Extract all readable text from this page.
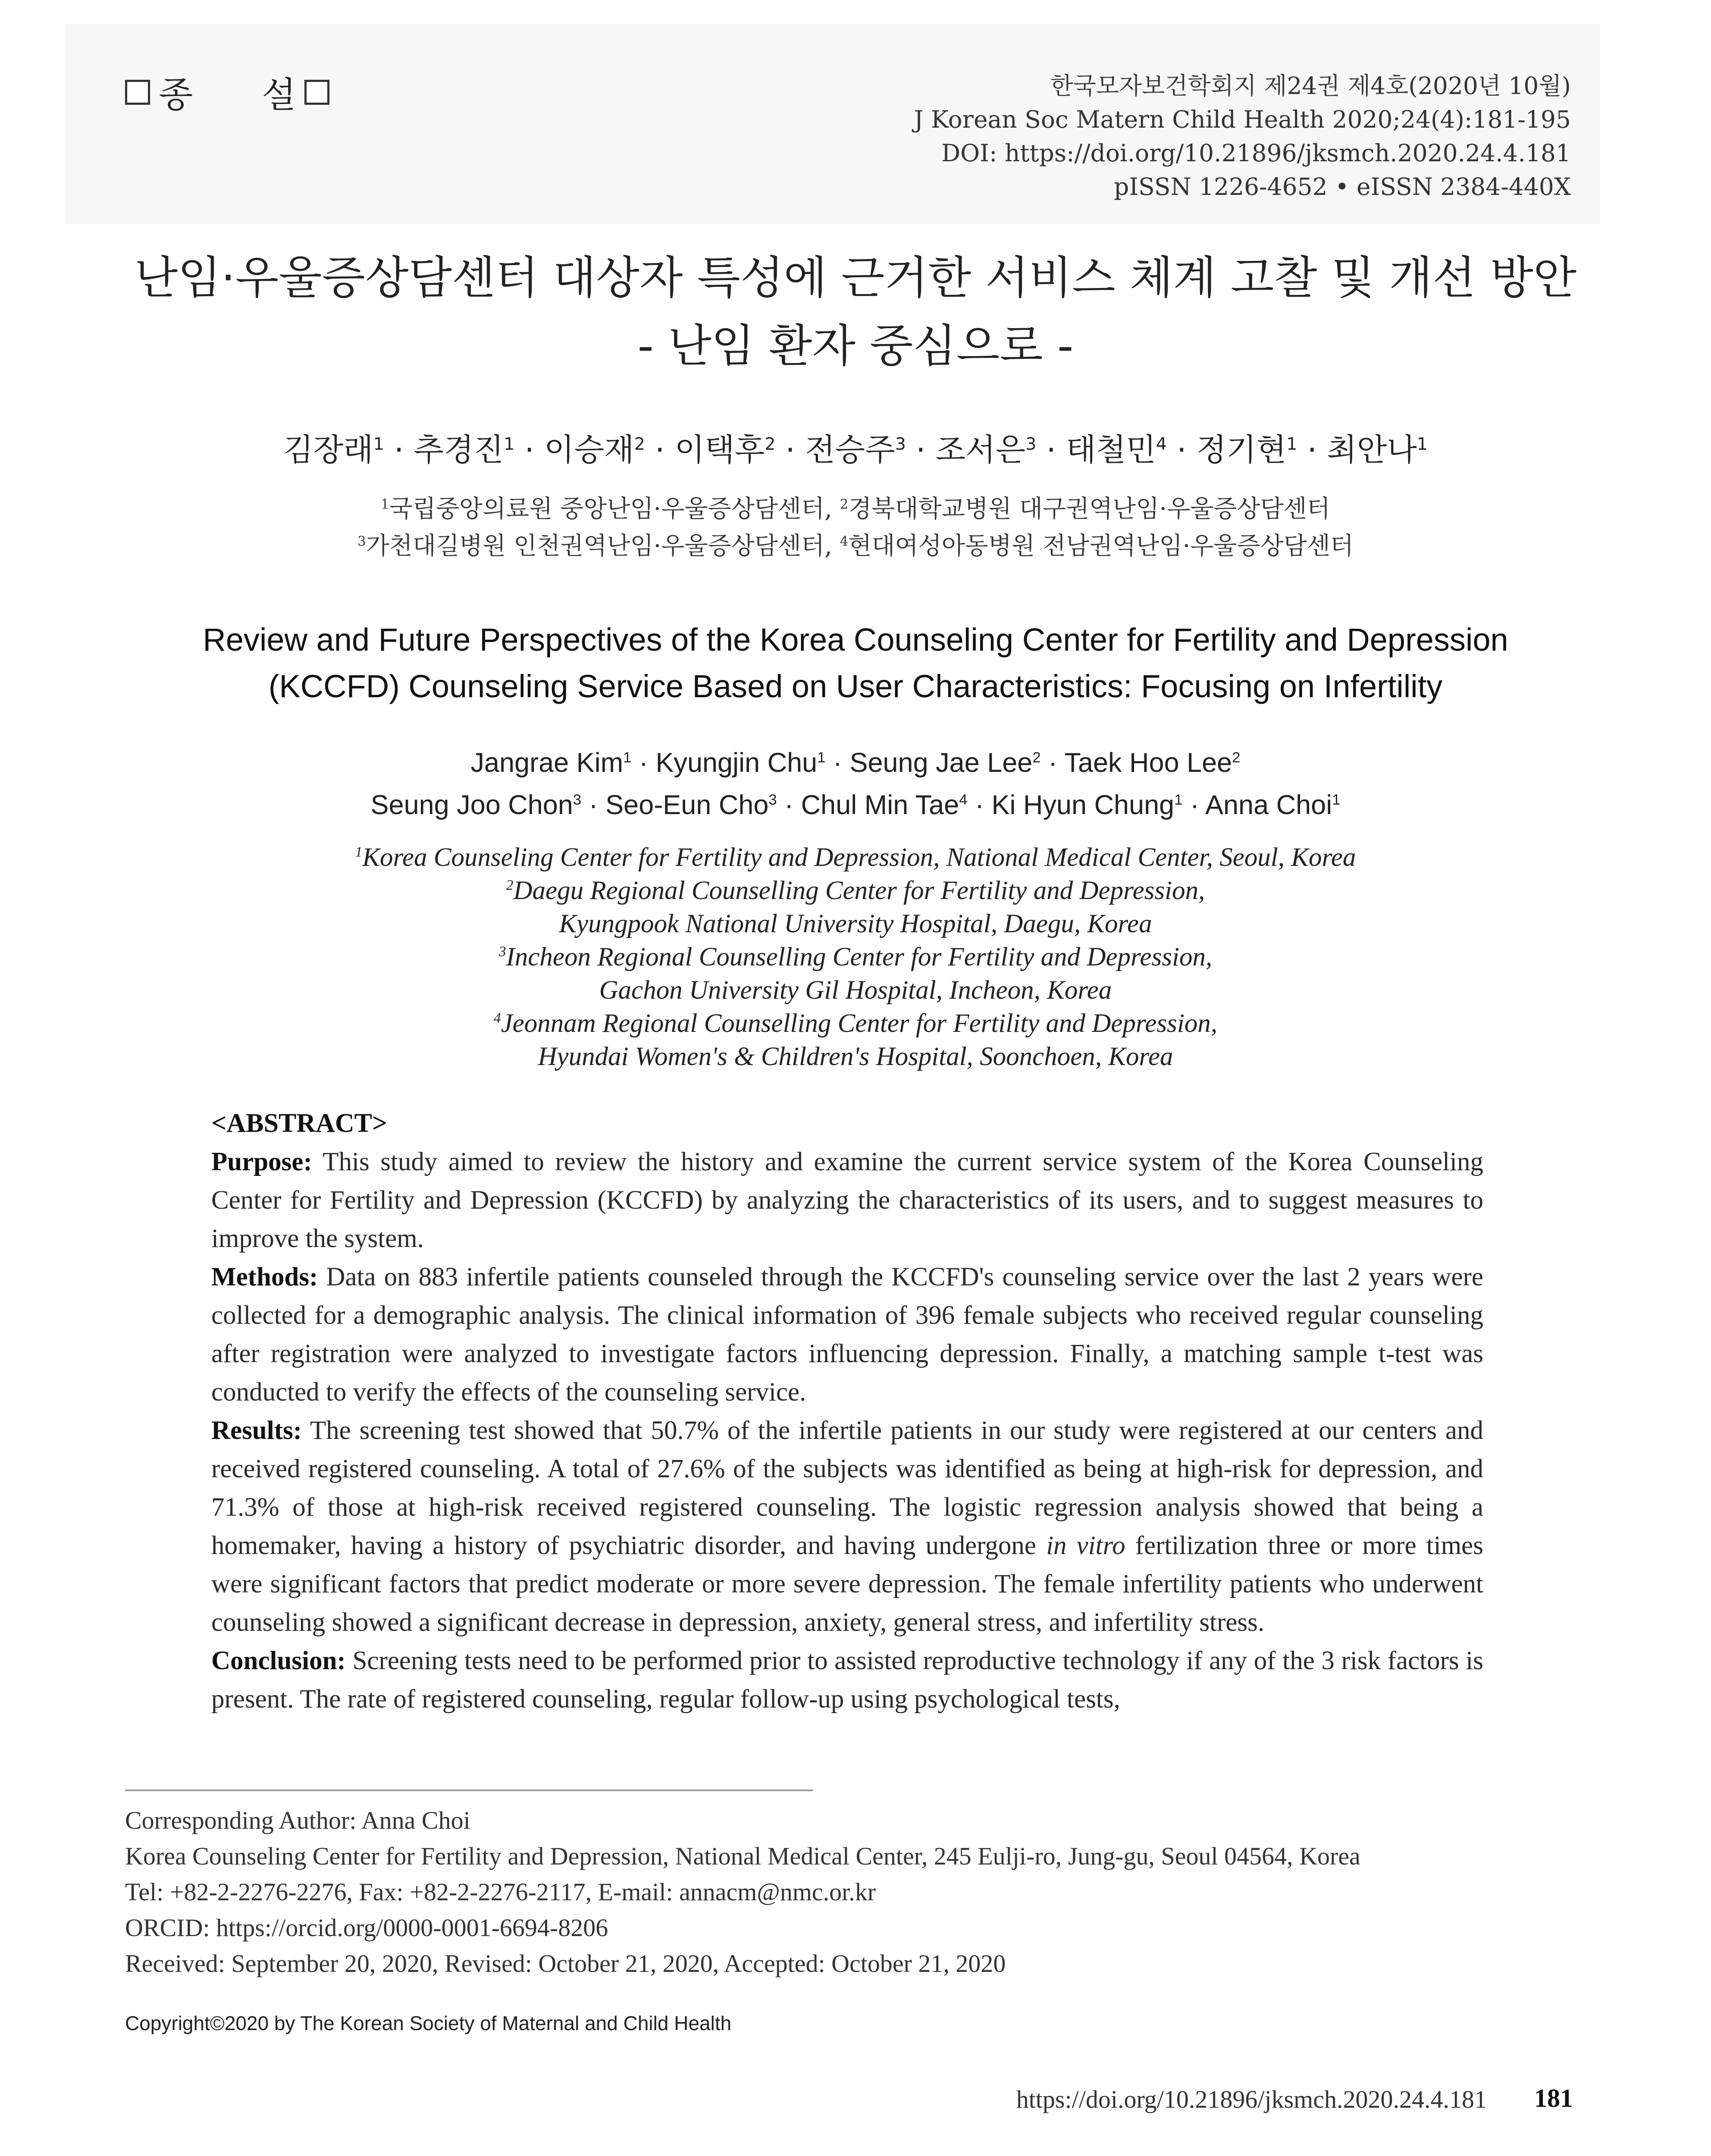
종 설	한국모자보건학회지 제24권 제4호(2020년 10월)
J Korean Soc Matern Child Health 2020;24(4):181-195
DOI: https://doi.org/10.21896/jksmch.2020.24.4.181
pISSN 1226-4652 • eISSN 2384-440X
난임·우울증상담센터 대상자 특성에 근거한 서비스 체계 고찰 및 개선 방안
- 난임 환자 중심으로 -
김장래$^1$ · 추경진$^1$ · 이승재$^2$ · 이택후$^2$ · 전승주$^3$ · 조서은$^3$ · 태철민$^4$ · 정기현$^1$ · 최안나$^1$
$^1$국립중앙의료원 중앙난임·우울증상담센터, $^2$경북대학교병원 대구권역난임·우울증상담센터
$^3$가천대길병원 인천권역난임·우울증상담센터, $^4$현대여성아동병원 전남권역난임·우울증상담센터
Review and Future Perspectives of the Korea Counseling Center for Fertility and Depression
(KCCFD) Counseling Service Based on User Characteristics: Focusing on Infertility
Jangrae Kim$^1$ · Kyungjin Chu$^1$ · Seung Jae Lee$^2$ · Taek Hoo Lee$^2$
Seung Joo Chon$^3$ · Seo-Eun Cho$^3$ · Chul Min Tae$^4$ · Ki Hyun Chung$^1$ · Anna Choi$^1$
$^1$Korea Counseling Center for Fertility and Depression, National Medical Center, Seoul, Korea
$^2$Daegu Regional Counselling Center for Fertility and Depression,
Kyungpook National University Hospital, Daegu, Korea
$^3$Incheon Regional Counselling Center for Fertility and Depression,
Gachon University Gil Hospital, Incheon, Korea
$^4$Jeonnam Regional Counselling Center for Fertility and Depression,
Hyundai Women's & Children's Hospital, Soonchoen, Korea
<ABSTRACT>

Purpose: This study aimed to review the history and examine the current service system of the Korea Counseling Center for Fertility and Depression (KCCFD) by analyzing the characteristics of its users, and to suggest measures to improve the system.

Methods: Data on 883 infertile patients counseled through the KCCFD's counseling service over the last 2 years were collected for a demographic analysis. The clinical information of 396 female subjects who received regular counseling after registration were analyzed to investigate factors influencing depression. Finally, a matching sample t-test was conducted to verify the effects of the counseling service.

Results: The screening test showed that 50.7% of the infertile patients in our study were registered at our centers and received registered counseling. A total of 27.6% of the subjects was identified as being at high-risk for depression, and 71.3% of those at high-risk received registered counseling. The logistic regression analysis showed that being a homemaker, having a history of psychiatric disorder, and having undergone in vitro fertilization three or more times were significant factors that predict moderate or more severe depression. The female infertility patients who underwent counseling showed a significant decrease in depression, anxiety, general stress, and infertility stress.

Conclusion: Screening tests need to be performed prior to assisted reproductive technology if any of the 3 risk factors is present. The rate of registered counseling, regular follow-up using psychological tests,

Corresponding Author: Anna Choi
Korea Counseling Center for Fertility and Depression, National Medical Center, 245 Eulji-ro, Jung-gu, Seoul 04564, Korea
Tel: +82-2-2276-2276, Fax: +82-2-2276-2117, E-mail: annacm@nmc.or.kr
ORCID: https://orcid.org/0000-0001-6694-8206
Received: September 20, 2020, Revised: October 21, 2020, Accepted: October 21, 2020
Copyright©2020 by The Korean Society of Maternal and Child Health
https://doi.org/10.21896/jksmch.2020.24.4.181 181
